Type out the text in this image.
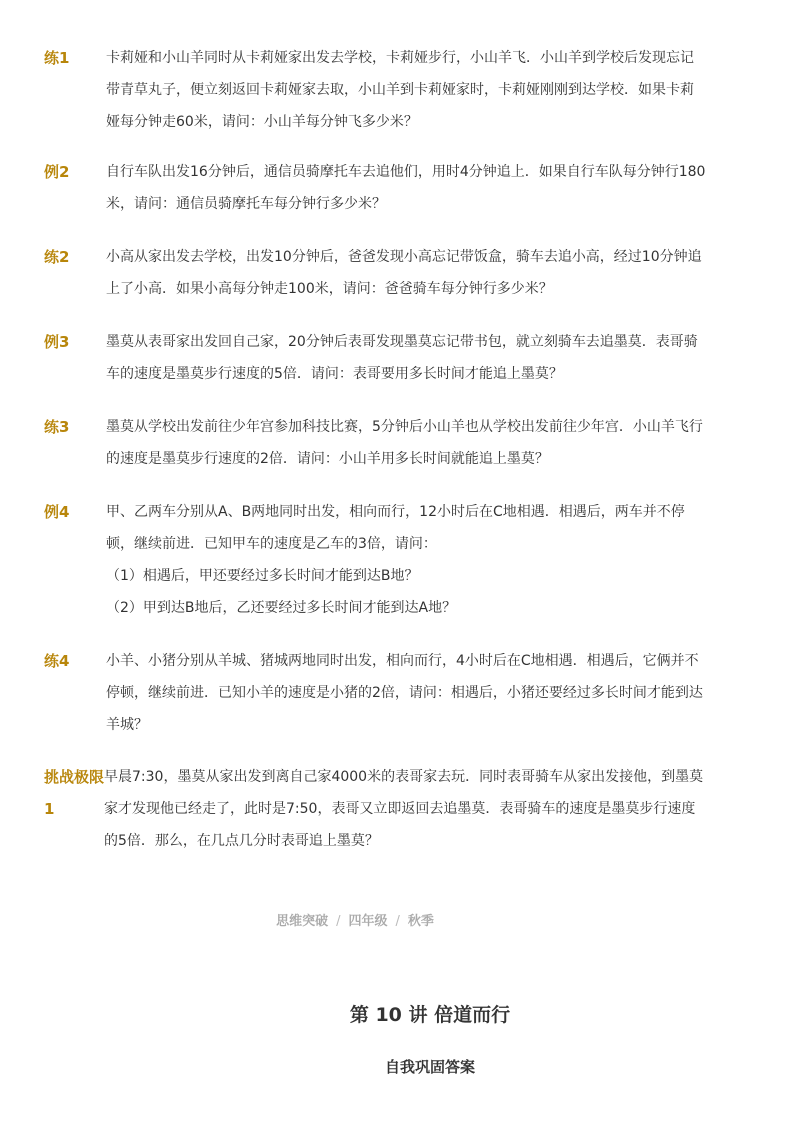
练1	卡莉娅和小山羊同时从卡莉娅家出发去学校，卡莉娅步行，小山羊飞．小山羊到学校后发现忘记

带青草丸子，便立刻返回卡莉娅家去取，小山羊到卡莉娅家时，卡莉娅刚刚到达学校．如果卡莉

娅每分钟走60米，请问：小山羊每分钟飞多少米？

例2	自行车队出发16分钟后，通信员骑摩托车去追他们，用时4分钟追上．如果自行车队每分钟行180

米，请问：通信员骑摩托车每分钟行多少米？

练2	小高从家出发去学校，出发10分钟后，爸爸发现小高忘记带饭盒，骑车去追小高，经过10分钟追

上了小高．如果小高每分钟走100米，请问：爸爸骑车每分钟行多少米？

例3	墨莫从表哥家出发回自己家，20分钟后表哥发现墨莫忘记带书包，就立刻骑车去追墨莫．表哥骑

车的速度是墨莫步行速度的5倍．请问：表哥要用多长时间才能追上墨莫？

练3	墨莫从学校出发前往少年宫参加科技比赛，5分钟后小山羊也从学校出发前往少年宫．小山羊飞行

的速度是墨莫步行速度的2倍．请问：小山羊用多长时间就能追上墨莫？

例4	甲、乙两车分别从A、B两地同时出发，相向而行，12小时后在C地相遇．相遇后，两车并不停

顿，继续前进．已知甲车的速度是乙车的3倍，请问：

（1）相遇后，甲还要经过多长时间才能到达B地？

（2）甲到达B地后，乙还要经过多长时间才能到达A地？

练4	小羊、小猪分别从羊城、猪城两地同时出发，相向而行，4小时后在C地相遇．相遇后，它俩并不

停顿，继续前进．已知小羊的速度是小猪的2倍，请问：相遇后，小猪还要经过多长时间才能到达

羊城？

挑战极限1

早晨7:30，墨莫从家出发到离自己家4000米的表哥家去玩．同时表哥骑车从家出发接他，到墨莫

家才发现他已经走了，此时是7:50，表哥又立即返回去追墨莫．表哥骑车的速度是墨莫步行速度

的5倍．那么，在几点几分时表哥追上墨莫？

思维突破 / 四年级 / 秋季
第 10 讲 倍道而行
自我巩固答案
